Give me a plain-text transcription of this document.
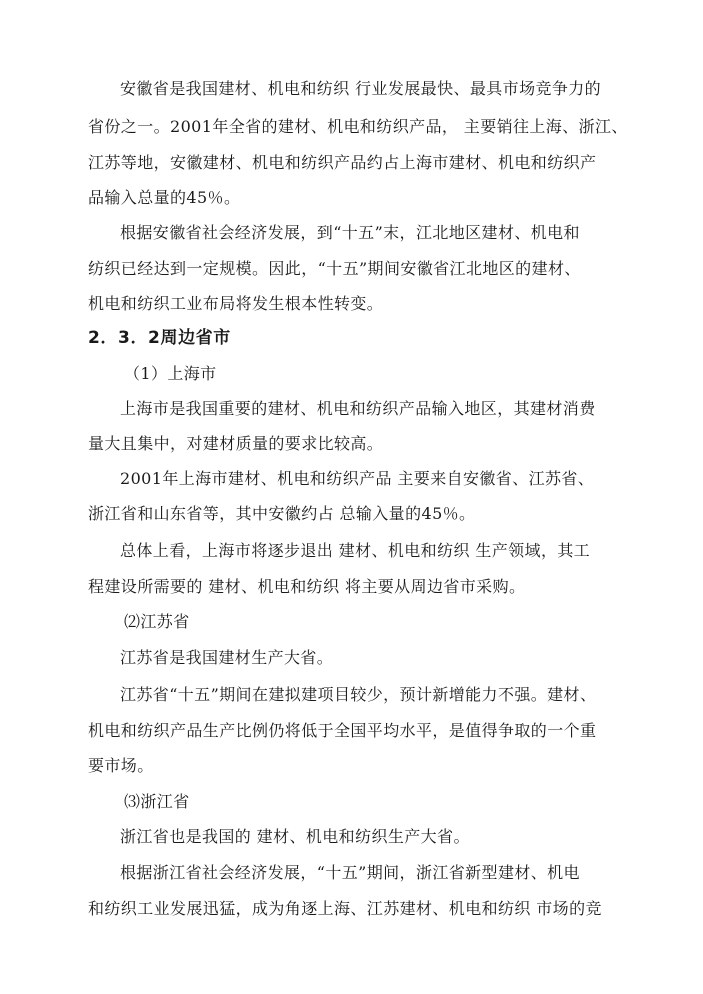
安徽省是我国建材、机电和纺织 行业发展最快、最具市场竞争力的
省份之一。2001年全省的建材、机电和纺织产品， 主要销往上海、浙江、
江苏等地，安徽建材、机电和纺织产品约占上海市建材、机电和纺织产
品输入总量的45％。
根据安徽省社会经济发展，到“十五”末，江北地区建材、机电和
纺织已经达到一定规模。因此，“十五”期间安徽省江北地区的建材、
机电和纺织工业布局将发生根本性转变。
2．3．2周边省市
（1）上海市
上海市是我国重要的建材、机电和纺织产品输入地区，其建材消费
量大且集中，对建材质量的要求比较高。
2001年上海市建材、机电和纺织产品 主要来自安徽省、江苏省、
浙江省和山东省等，其中安徽约占 总输入量的45％。
总体上看，上海市将逐步退出 建材、机电和纺织 生产领域，其工
程建设所需要的 建材、机电和纺织 将主要从周边省市采购。
⑵江苏省
江苏省是我国建材生产大省。
江苏省“十五”期间在建拟建项目较少，预计新增能力不强。建材、
机电和纺织产品生产比例仍将低于全国平均水平，是值得争取的一个重
要市场。
⑶浙江省
浙江省也是我国的 建材、机电和纺织生产大省。
根据浙江省社会经济发展，“十五”期间，浙江省新型建材、机电
和纺织工业发展迅猛，成为角逐上海、江苏建材、机电和纺织 市场的竞
